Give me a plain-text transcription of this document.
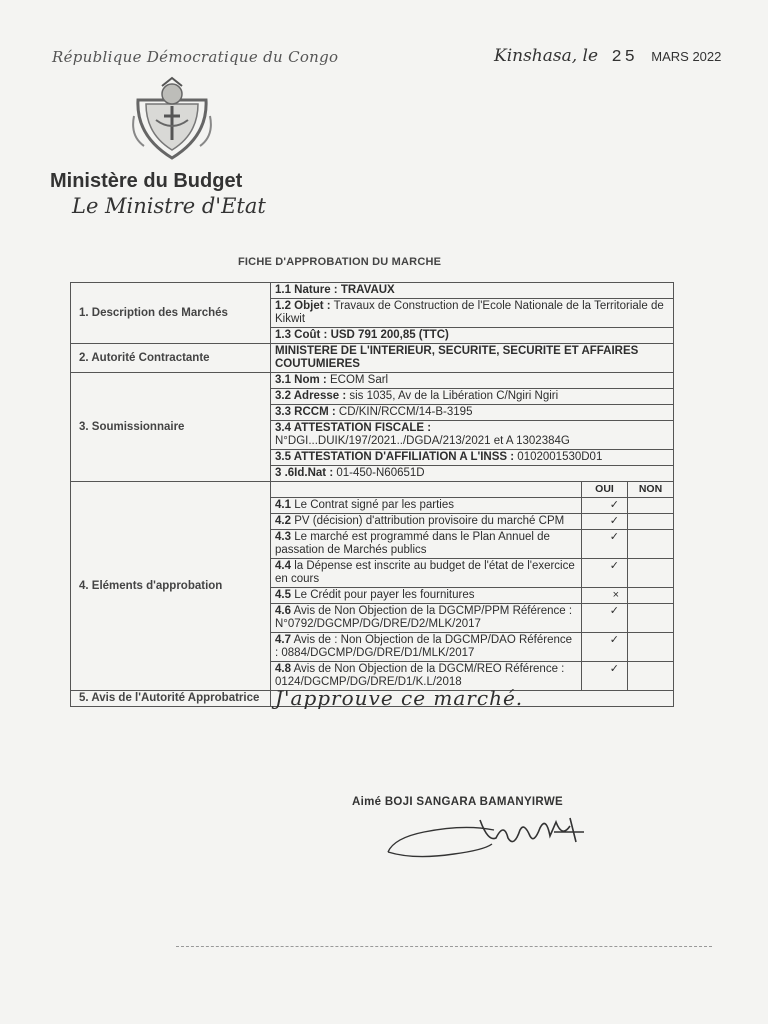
République Démocratique du Congo	Kinshasa, le 25 MARS 2022
Ministère du Budget
Le Ministre d'Etat
FICHE D'APPROBATION DU MARCHE
1. Description des Marchés	1.1 Nature : TRAVAUX		
	1.2 Objet : Travaux de Construction de l'Ecole Nationale de la Territoriale de Kikwit		
	1.3 Coût : USD 791 200,85 (TTC)		
2. Autorité Contractante	MINISTERE DE L'INTERIEUR, SECURITE, SECURITE ET AFFAIRES COUTUMIERES		
3. Soumissionnaire	3.1 Nom : ECOM Sarl		
	3.2 Adresse : sis 1035, Av de la Libération C/Ngiri Ngiri		
	3.3 RCCM : CD/KIN/RCCM/14-B-3195		

	3.4 ATTESTATION FISCALE :
N°DGI...DUIK/197/2021../DGDA/213/2021 et A 1302384G		

	3.5 ATTESTATION D'AFFILIATION A L'INSS : 0102001530D01		
	3 .6Id.Nat : 01-450-N60651D		
4. Eléments d'approbation		OUI	NON
	4.1 Le Contrat signé par les parties	✓	
	4.2 PV (décision) d'attribution provisoire du marché CPM	✓	
	4.3 Le marché est programmé dans le Plan Annuel de passation de Marchés publics	✓	
	4.4 la Dépense est inscrite au budget de l'état de l'exercice en cours	✓	
	4.5 Le Crédit pour payer les fournitures	×	
	4.6 Avis de Non Objection de la DGCMP/PPM Référence : N°0792/DGCMP/DG/DRE/D2/MLK/2017	✓	
	4.7 Avis de : Non Objection de la DGCMP/DAO Référence : 0884/DGCMP/DG/DRE/D1/MLK/2017	✓	
	4.8 Avis de Non Objection de la DGCM/REO Référence : 0124/DGCMP/DG/DRE/D1/K.L/2018	✓	
5. Avis de l'Autorité Approbatrice	J'approuve ce marché.		
Aimé BOJI SANGARA BAMANYIRWE
